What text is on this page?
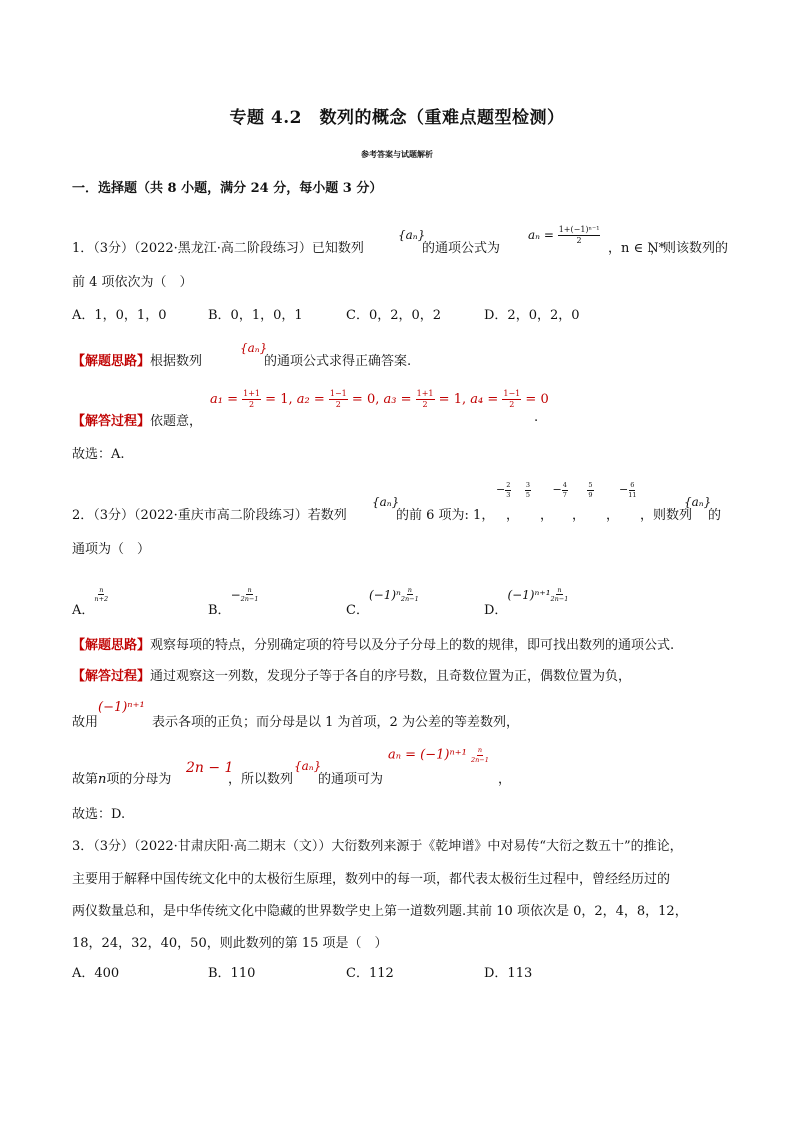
专题 4.2　数列的概念（重难点题型检测）
参考答案与试题解析
一．选择题（共 8 小题，满分 24 分，每小题 3 分）
1．（3分）（2022·黑龙江·高二阶段练习）已知数列
{aₙ}
的通项公式为
$a_n = \frac{\text{1+(−1)ⁿ⁻¹}}{2}$
，n ∈ N*
，则该数列的
前 4 项依次为（　）
A．1，0，1，0	B．0，1，0，1	C．0，2，0，2	D．2，0，2，0
【解题思路】根据数列
{aₙ}
的通项公式求得正确答案.
【解答过程】依题意，
$a_1 = \frac{1+1}{2} = 1$, $a_2 = \frac{1-1}{2} = 0$, $a_3 = \frac{1+1}{2} = 1$, $a_4 = \frac{1-1}{2} = 0$
.
故选：A.
2．（3分）（2022·重庆市高二阶段练习）若数列
{aₙ}
的前 6 项为: 1，
− $\frac{2}{3}$
$\frac{3}{5} - \frac{4}{7}$
	$\frac{5}{9} - \frac{6}{11}$
， ， ， ， ，则数列
{aₙ}
的
通项为（　）
$_{A.}$
$\frac{n}{n+2}$
$_{B.-} \frac{n}{2n-1}$
$_{C.(-1)^n} \frac{n}{2n-1}$
$_{D.(-1)^{n+1}} \frac{n}{2n-1}$
【解题思路】观察每项的特点，分别确定项的符号以及分子分母上的数的规律，即可找出数列的通项公式.
【解答过程】通过观察这一列数，发现分子等于各自的序号数，且奇数位置为正，偶数位置为负，
故用
(−1)ⁿ⁺¹
表示各项的正负；而分母是以 1 为首项，2 为公差的等差数列，
故第n项的分母为
2n − 1
，所以数列
{aₙ}
的通项可为
$a_n = (-1)^{n+1} \frac{n}{2n-1}$
，
故选：D.
3．（3分）（2022·甘肃庆阳·高二期末（文））大衍数列来源于《乾坤谱》中对易传“大衍之数五十”的推论，
主要用于解释中国传统文化中的太极衍生原理，数列中的每一项，都代表太极衍生过程中，曾经经历过的
两仪数量总和，是中华传统文化中隐藏的世界数学史上第一道数列题.其前 10 项依次是 0，2，4，8，12，
18，24，32，40，50，则此数列的第 15 项是（　）
A．400	B．110	C．112	D．113
